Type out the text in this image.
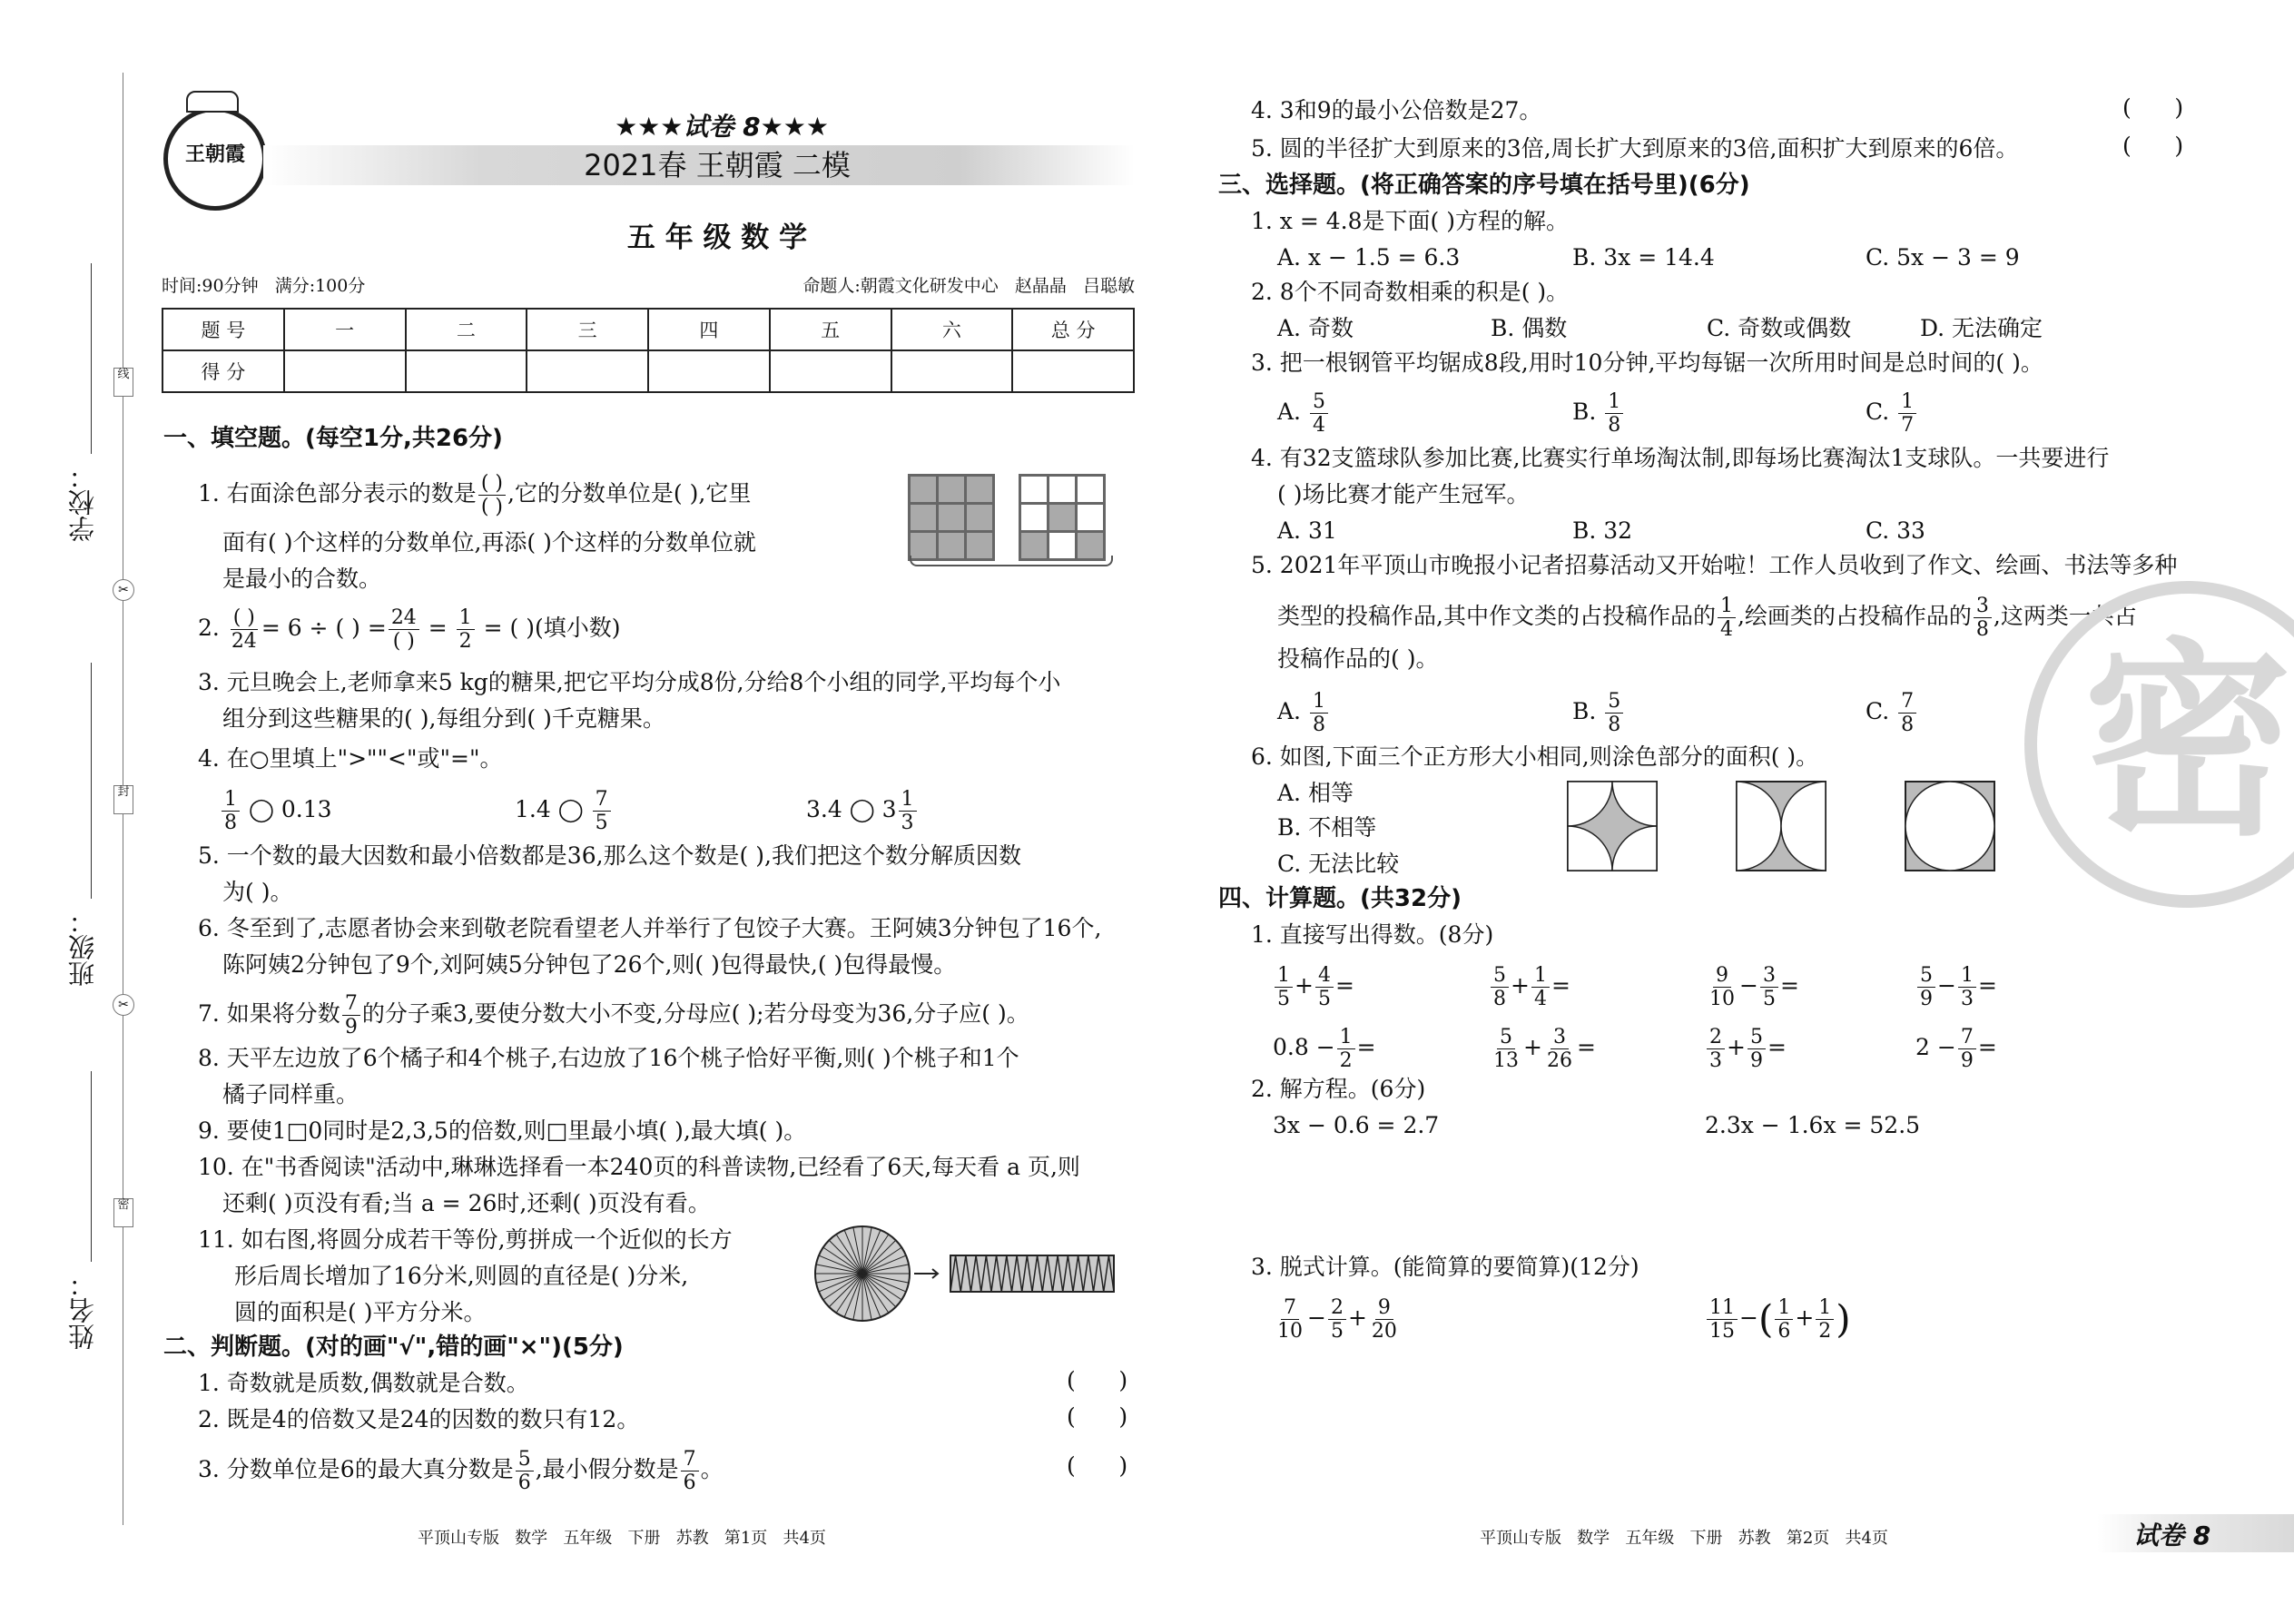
学校：
班级：
姓名：
线
封
密
✂
✂
王朝霞
★★★试卷 8★★★
2021春 王朝霞 二模
五 年 级 数 学
时间:90分钟   满分:100分	命题人:朝霞文化研发中心   赵晶晶   吕聪敏
题 号	一	二	三	四	五	六	总 分
得 分							
一、填空题。(每空1分,共26分)
1. 右面涂色部分表示的数是 $\frac{( )}{( )}$ ,它的分数单位是( ),它里
面有( )个这样的分数单位,再添( )个这样的分数单位就
是最小的合数。
2. $\frac{( )}{24} = 6$ ÷ ( ) = $\frac{24}{( )} = \frac{1}{2}$ = ( )(填小数)
3. 元旦晚会上,老师拿来5 kg的糖果,把它平均分成8份,分给8个小组的同学,平均每个小
组分到这些糖果的( ),每组分到( )千克糖果。
4. 在○里填上">""<"或"="。
$\frac{1}{8}$ ◯ 0.13	1.4 ◯ $\frac{7}{5}$	3.4 ◯ $3 \frac{1}{3}$
5. 一个数的最大因数和最小倍数都是36,那么这个数是( ),我们把这个数分解质因数
为( )。
6. 冬至到了,志愿者协会来到敬老院看望老人并举行了包饺子大赛。王阿姨3分钟包了16个,
陈阿姨2分钟包了9个,刘阿姨5分钟包了26个,则( )包得最快,( )包得最慢。
7. 如果将分数 $\frac{7}{9}$ 的分子乘3,要使分数大小不变,分母应( );若分母变为36,分子应( )。
8. 天平左边放了6个橘子和4个桃子,右边放了16个桃子恰好平衡,则( )个桃子和1个
橘子同样重。
9. 要使1□0同时是2,3,5的倍数,则□里最小填( ),最大填( )。
10. 在"书香阅读"活动中,琳琳选择看一本240页的科普读物,已经看了6天,每天看 a 页,则
还剩( )页没有看;当 a = 26时,还剩( )页没有看。
11. 如右图,将圆分成若干等份,剪拼成一个近似的长方
形后周长增加了16分米,则圆的直径是( )分米,
圆的面积是( )平方分米。
二、判断题。(对的画"√",错的画"×")(5分)
1. 奇数就是质数,偶数就是合数。	(      )
2. 既是4的倍数又是24的因数的数只有12。	(      )
3. 分数单位是6的最大真分数是 $\frac{5}{6}$ ,最小假分数是 $\frac{7}{6}$ 。	(      )
4. 3和9的最小公倍数是27。	(      )
5. 圆的半径扩大到原来的3倍,周长扩大到原来的3倍,面积扩大到原来的6倍。	(      )
三、选择题。(将正确答案的序号填在括号里)(6分)
1. x = 4.8是下面( )方程的解。
A. x − 1.5 = 6.3	B. 3x = 14.4	C. 5x − 3 = 9
2. 8个不同奇数相乘的积是( )。
A. 奇数	B. 偶数	C. 奇数或偶数	D. 无法确定
3. 把一根钢管平均锯成8段,用时10分钟,平均每锯一次所用时间是总时间的( )。
A. $\frac{5}{4}$	B. $\frac{1}{8}$	C. $\frac{1}{7}$
4. 有32支篮球队参加比赛,比赛实行单场淘汰制,即每场比赛淘汰1支球队。一共要进行
( )场比赛才能产生冠军。
A. 31	B. 32	C. 33
5. 2021年平顶山市晚报小记者招募活动又开始啦！工作人员收到了作文、绘画、书法等多种
类型的投稿作品,其中作文类的占投稿作品的 $\frac{1}{4}$ ,绘画类的占投稿作品的 $\frac{3}{8}$ ,这两类一共占
投稿作品的( )。
A. $\frac{1}{8}$	B. $\frac{5}{8}$	C. $\frac{7}{8}$
6. 如图,下面三个正方形大小相同,则涂色部分的面积( )。
A. 相等
B. 不相等
C. 无法比较
四、计算题。(共32分)
1. 直接写出得数。(8分)
$\frac{1}{5} + \frac{4}{5}$ =	$\frac{5}{8} + \frac{1}{4}$ =	$\frac{9}{10} - \frac{3}{5}$ =	$\frac{5}{9} - \frac{1}{3}$ =
$0.8 - \frac{1}{2}$ =	$\frac{5}{13} + \frac{3}{26}$ =	$\frac{2}{3} + \frac{5}{9}$ =	$2 - \frac{7}{9}$ =
2. 解方程。(6分)
3x − 0.6 = 2.7	2.3x − 1.6x = 52.5
3. 脱式计算。(能简算的要简算)(12分)
$\frac{7}{10} - \frac{2}{5} + \frac{9}{20}$	$\frac{11}{15}$ −( $\frac{1}{6} + \frac{1}{2}$ )
密
平顶山专版   数学   五年级   下册   苏教   第1页   共4页	平顶山专版   数学   五年级   下册   苏教   第2页   共4页	试卷 8
